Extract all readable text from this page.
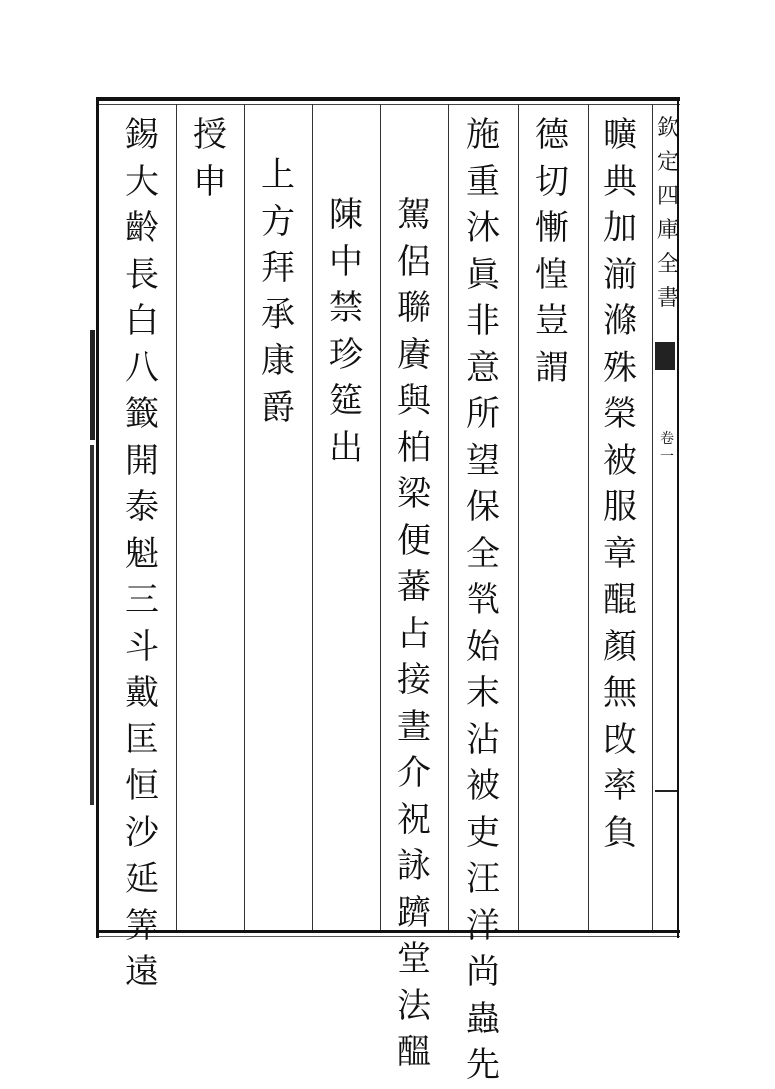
欽定四庫全書
卷一
曠典加湔滌殊榮被服章醌顏無攺率負
德切慚惶豈謂
施重沐眞非意所望保全㷀始末沾被吏汪洋尚蟲先
駕侶聯賡與柏梁便蕃占接晝介祝詠躋堂法醞
陳中禁珍筵出
上方拜承康爵
授申
錫大齡長白八籤開泰魁三斗戴匡恒沙延筭遠
